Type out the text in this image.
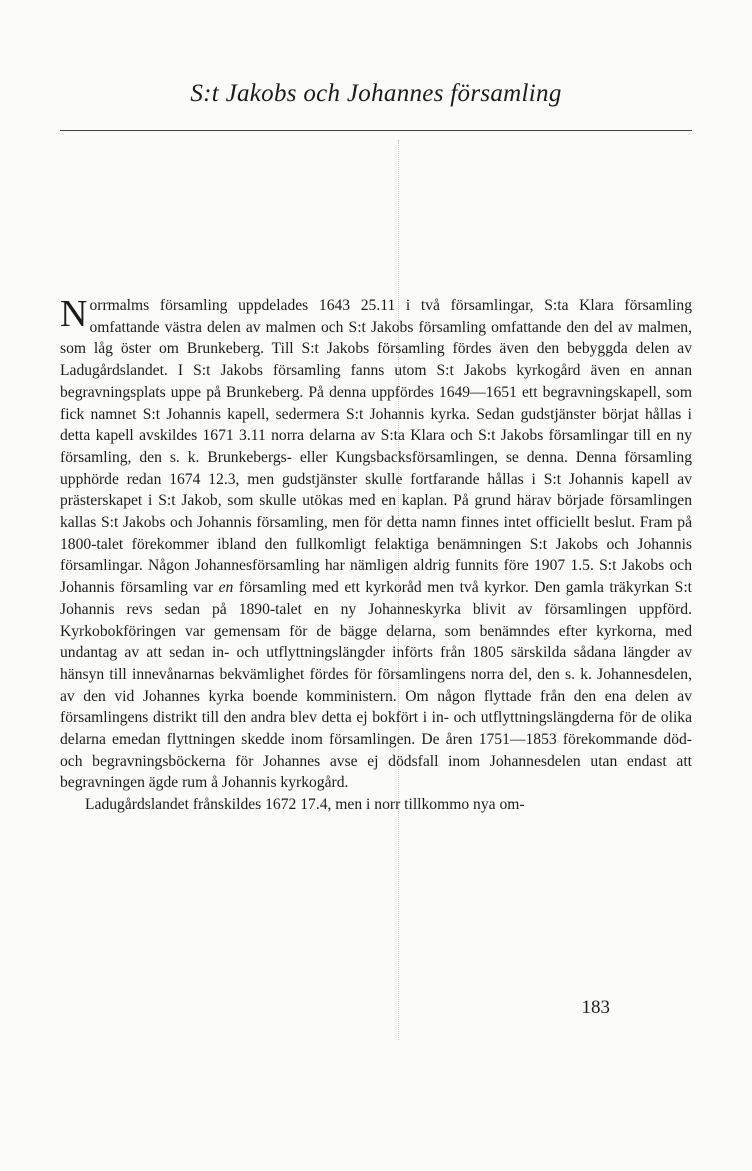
S:t Jakobs och Johannes församling

Norrmalms församling uppdelades 1643 25.11 i två församlingar, S:ta Klara församling omfattande västra delen av malmen och S:t Jakobs församling omfattande den del av malmen, som låg öster om Brunkeberg. Till S:t Jakobs församling fördes även den bebyggda delen av Ladugårdslandet. I S:t Jakobs församling fanns utom S:t Jakobs kyrkogård även en annan begravningsplats uppe på Brunkeberg. På denna uppfördes 1649—1651 ett begravningskapell, som fick namnet S:t Johannis kapell, sedermera S:t Johannis kyrka. Sedan gudstjänster börjat hållas i detta kapell avskildes 1671 3.11 norra delarna av S:ta Klara och S:t Jakobs församlingar till en ny församling, den s. k. Brunkebergs- eller Kungsbacksförsamlingen, se denna. Denna församling upphörde redan 1674 12.3, men gudstjänster skulle fortfarande hållas i S:t Johannis kapell av prästerskapet i S:t Jakob, som skulle utökas med en kaplan. På grund härav började församlingen kallas S:t Jakobs och Johannis församling, men för detta namn finnes intet officiellt beslut. Fram på 1800-talet förekommer ibland den fullkomligt felaktiga benämningen S:t Jakobs och Johannis församlingar. Någon Johannesförsamling har nämligen aldrig funnits före 1907 1.5. S:t Jakobs och Johannis församling var en församling med ett kyrkoråd men två kyrkor. Den gamla träkyrkan S:t Johannis revs sedan på 1890-talet en ny Johanneskyrka blivit av församlingen uppförd. Kyrkobokföringen var gemensam för de bägge delarna, som benämndes efter kyrkorna, med undantag av att sedan in- och utflyttningslängder införts från 1805 särskilda sådana längder av hänsyn till innevånarnas bekvämlighet fördes för församlingens norra del, den s. k. Johannesdelen, av den vid Johannes kyrka boende komministern. Om någon flyttade från den ena delen av församlingens distrikt till den andra blev detta ej bokfört i in- och utflyttningslängderna för de olika delarna emedan flyttningen skedde inom församlingen. De åren 1751—1853 förekommande död- och begravningsböckerna för Johannes avse ej dödsfall inom Johannesdelen utan endast att begravningen ägde rum å Johannis kyrkogård.

Ladugårdslandet frånskildes 1672 17.4, men i norr tillkommo nya om-

183
